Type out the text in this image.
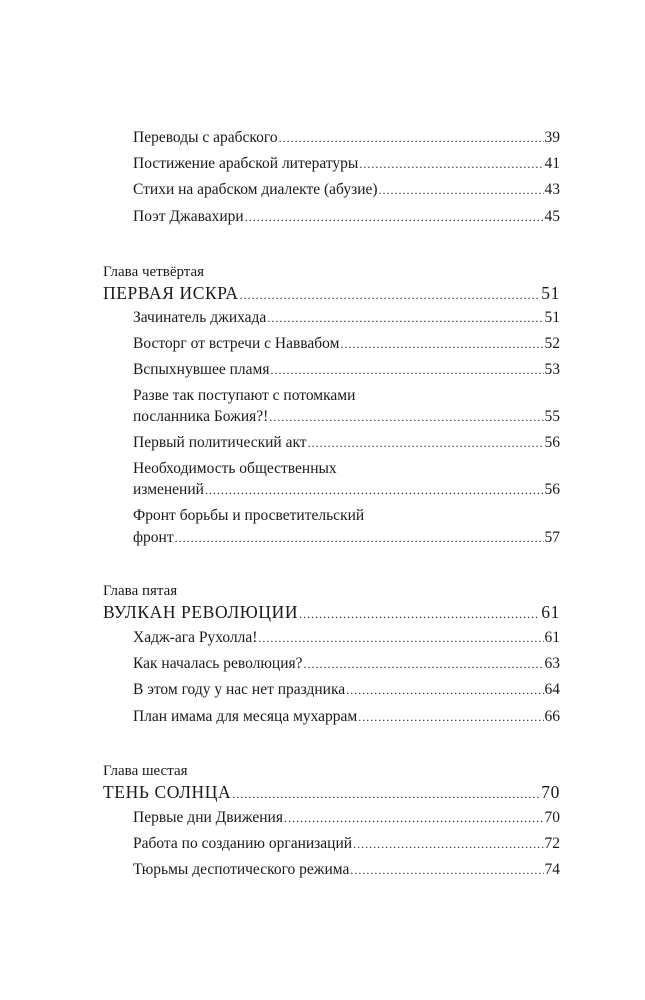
Переводы с арабского .....	39
Постижение арабской литературы .....	41
Стихи на арабском диалекте (абузие) .....	43
Поэт Джавахири .....	45
Глава четвёртая
ПЕРВАЯ ИСКРА .....	51
Зачинатель джихада .....	51
Восторг от встречи с Наввабом .....	52
Вспыхнувшее пламя .....	53
Разве так поступают с потомками
посланника Божия?! .....	55
Первый политический акт .....	56
Необходимость общественных
изменений .....	56
Фронт борьбы и просветительский
фронт .....	57
Глава пятая
ВУЛКАН РЕВОЛЮЦИИ .....	61
Хадж-ага Рухолла! .....	61
Как началась революция? .....	63
В этом году у нас нет праздника .....	64
План имама для месяца мухаррам .....	66
Глава шестая
ТЕНЬ СОЛНЦА .....	70
Первые дни Движения .....	70
Работа по созданию организаций .....	72
Тюрьмы деспотического режима .....	74
